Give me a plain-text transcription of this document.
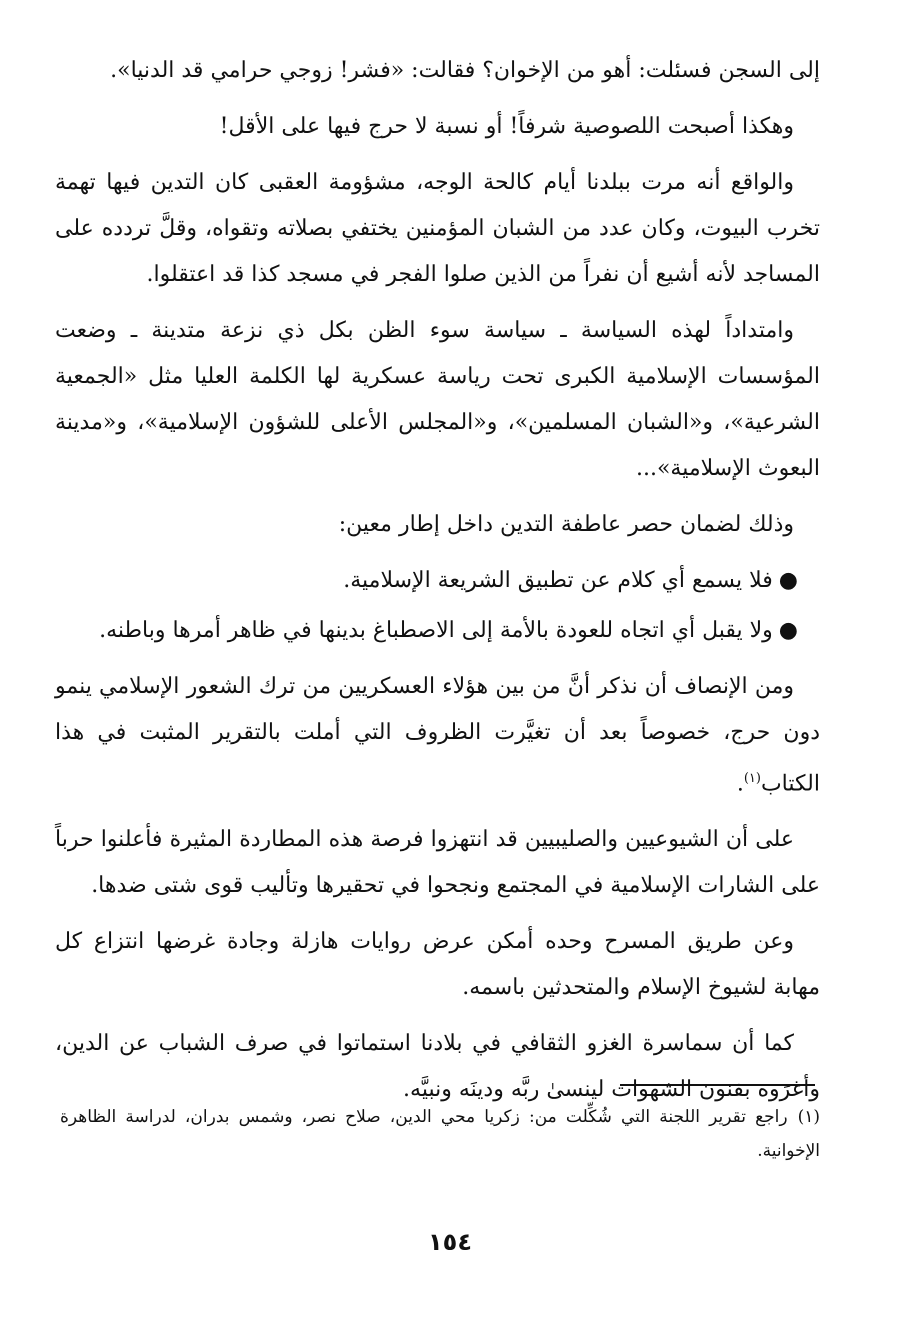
إلى السجن فسئلت: أهو من الإخوان؟ فقالت: «فشر! زوجي حرامي قد الدنيا».

وهكذا أصبحت اللصوصية شرفاً! أو نسبة لا حرج فيها على الأقل!

والواقع أنه مرت ببلدنا أيام كالحة الوجه، مشؤومة العقبى كان التدين فيها تهمة تخرب البيوت، وكان عدد من الشبان المؤمنين يختفي بصلاته وتقواه، وقلَّ تردده على المساجد لأنه أشيع أن نفراً من الذين صلوا الفجر في مسجد كذا قد اعتقلوا.

وامتداداً لهذه السياسة ـ سياسة سوء الظن بكل ذي نزعة متدينة ـ وضعت المؤسسات الإسلامية الكبرى تحت رياسة عسكرية لها الكلمة العليا مثل «الجمعية الشرعية»، و«الشبان المسلمين»، و«المجلس الأعلى للشؤون الإسلامية»، و«مدينة البعوث الإسلامية»...

وذلك لضمان حصر عاطفة التدين داخل إطار معين:

●فلا يسمع أي كلام عن تطبيق الشريعة الإسلامية.
●ولا يقبل أي اتجاه للعودة بالأمة إلى الاصطباغ بدينها في ظاهر أمرها وباطنه.

ومن الإنصاف أن نذكر أنَّ من بين هؤلاء العسكريين من ترك الشعور الإسلامي ينمو دون حرج، خصوصاً بعد أن تغيَّرت الظروف التي أملت بالتقرير المثبت في هذا الكتاب$^{(١)}$.

على أن الشيوعيين والصليبيين قد انتهزوا فرصة هذه المطاردة المثيرة فأعلنوا حرباً على الشارات الإسلامية في المجتمع ونجحوا في تحقيرها وتأليب قوى شتى ضدها.

وعن طريق المسرح وحده أمكن عرض روايات هازلة وجادة غرضها انتزاع كل مهابة لشيوخ الإسلام والمتحدثين باسمه.

كما أن سماسرة الغزو الثقافي في بلادنا استماتوا في صرف الشباب عن الدين، وأغرَوه بفنون الشهوات لينسىٰ ربَّه ودينَه ونبيَّه.

(١)راجع تقرير اللجنة التي شُكِّلت من: زكريا محي الدين، صلاح نصر، وشمس بدران، لدراسة الظاهرة الإخوانية.
١٥٤
